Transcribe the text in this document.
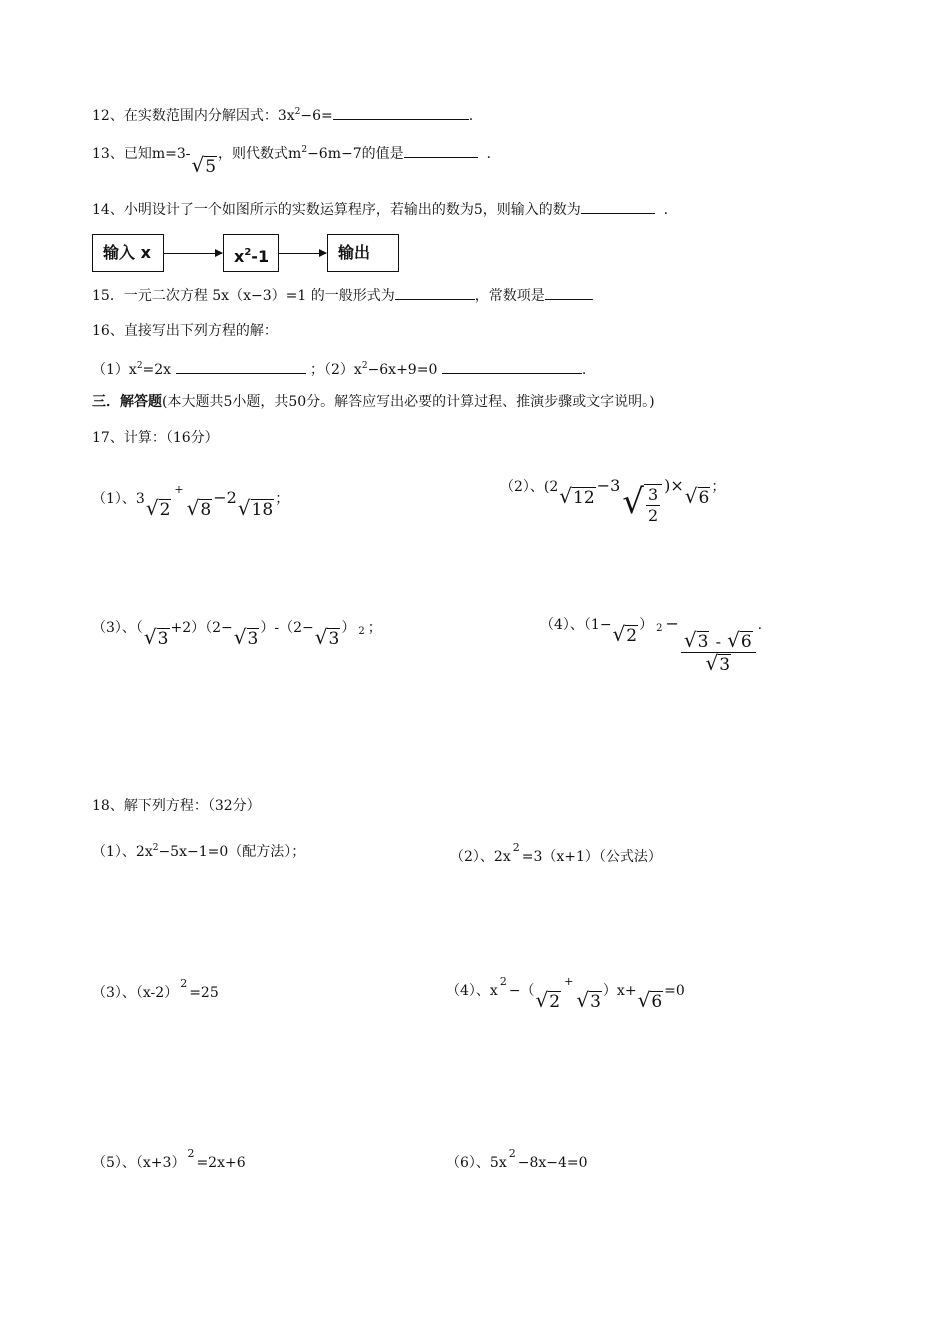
12、在实数范围内分解因式：$3x^2-6=$	.
13、已知m=3-√5，则代数式$m^2-6m-7$的值是	.
14、小明设计了一个如图所示的实数运算程序，若输出的数为5，则输入的数为	.
输入 x	$x^2-1$	输出
15．一元二次方程 5x（x−3）=1 的一般形式为	，常数项是
16、直接写出下列方程的解：
$(1)x^2=2x$	；$(2)x^2-6x+9=0$	.
三．解答题(本大题共5小题，共50分。解答应写出必要的计算过程、推演步骤或文字说明。)
17、计算：（16分）
（1）、3√2+√8−2√18；
（2）、(2√12−3 √ $\frac{3}{2} )\times√6$；
（3）、（√3+2）（2−√3）-（2−√3） 2 ；	（4）、（1−√2） 2 −
$\frac{√3 - √6}{√3}$
.
18、解下列方程：（32分）
（1）、$2x^2-5x-1=0$（配方法）；	（2）、$2x^2=3(x+1)$（公式法）
（3）、$(x-2)^2=25$	（4）、$x^2-(√2^+√3)x+√6=0$
（5）、$(x+3)^2=2x+6$	（6）、$5x^2-8x-4=0$
